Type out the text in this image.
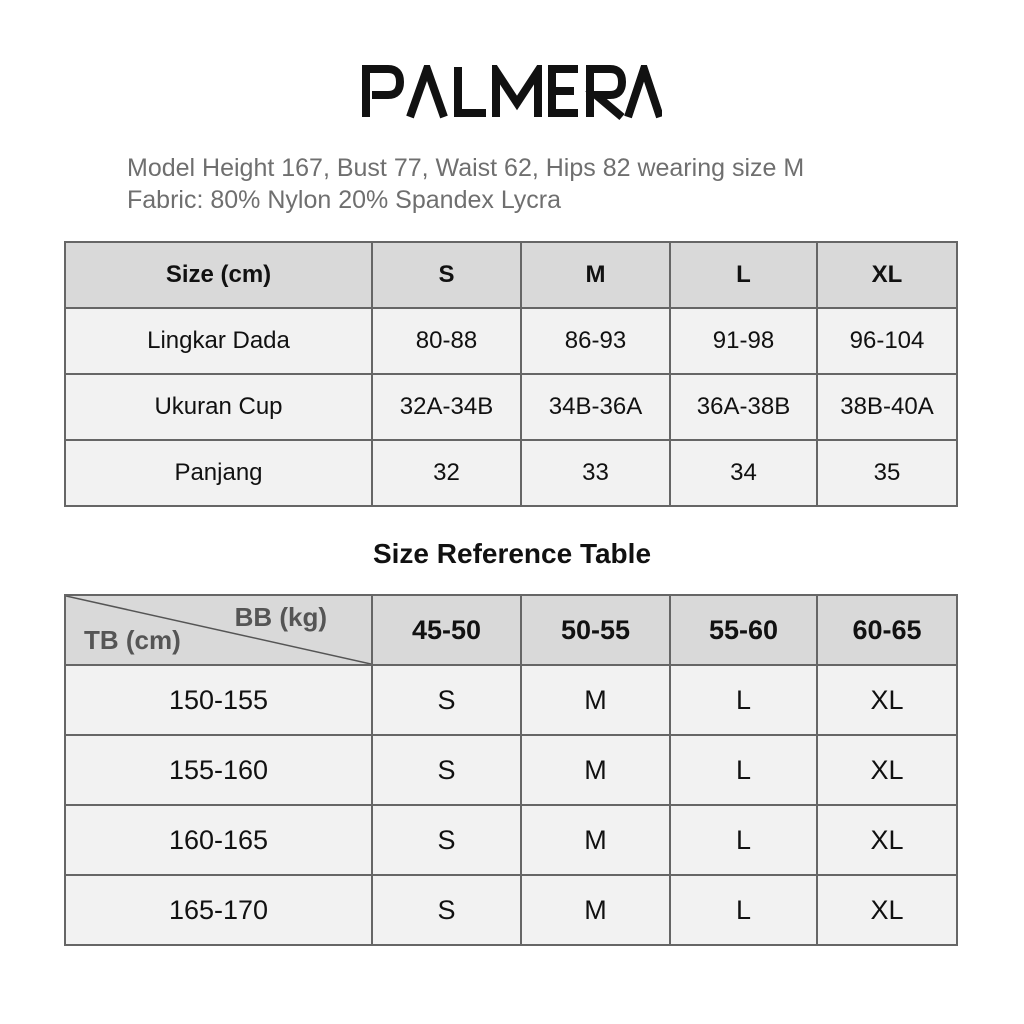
Model Height 167, Bust 77, Waist 62, Hips 82 wearing size M
Fabric: 80% Nylon 20% Spandex Lycra
Size (cm)	S	M	L	XL
Lingkar Dada	80-88	86-93	91-98	96-104
Ukuran Cup	32A-34B	34B-36A	36A-38B	38B-40A
Panjang	32	33	34	35
Size Reference Table
BB (kg)
TB (cm)	45-50	50-55	55-60	60-65
150-155	S	M	L	XL
155-160	S	M	L	XL
160-165	S	M	L	XL
165-170	S	M	L	XL
